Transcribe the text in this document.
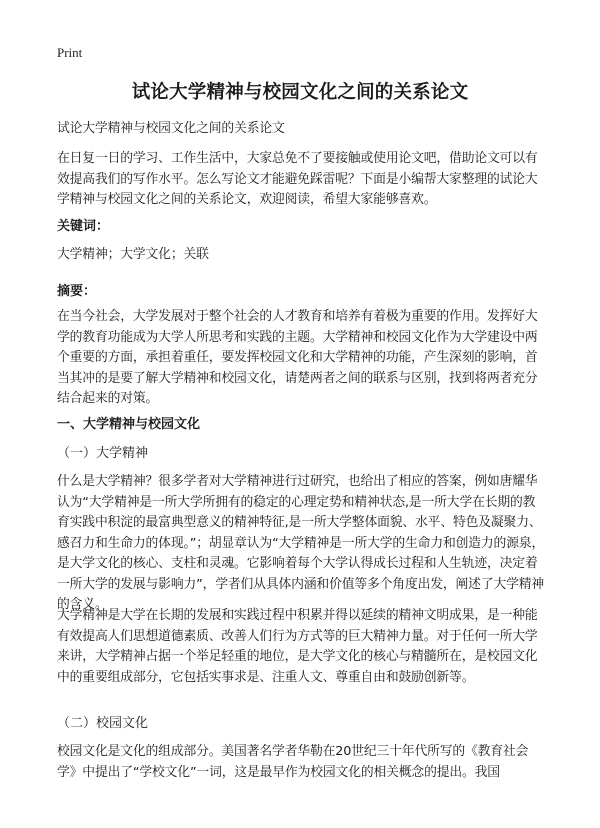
Print
试论大学精神与校园文化之间的关系论文

试论大学精神与校园文化之间的关系论文

在日复一日的学习、工作生活中，大家总免不了要接触或使用论文吧，借助论文可以有效提高我们的写作水平。怎么写论文才能避免踩雷呢？下面是小编帮大家整理的试论大学精神与校园文化之间的关系论文，欢迎阅读，希望大家能够喜欢。

关键词：

大学精神；大学文化；关联

摘要：

在当今社会，大学发展对于整个社会的人才教育和培养有着极为重要的作用。发挥好大学的教育功能成为大学人所思考和实践的主题。大学精神和校园文化作为大学建设中两个重要的方面，承担着重任，要发挥校园文化和大学精神的功能，产生深刻的影响，首当其冲的是要了解大学精神和校园文化，请楚两者之间的联系与区别，找到将两者充分结合起来的对策。

一、大学精神与校园文化

（一）大学精神

什么是大学精神？很多学者对大学精神进行过研究，也给出了相应的答案，例如唐耀华认为“大学精神是一所大学所拥有的稳定的心理定势和精神状态,是一所大学在长期的教育实践中积淀的最富典型意义的精神特征,是一所大学整体面貌、水平、特色及凝聚力、感召力和生命力的体现。”；胡显章认为“大学精神是一所大学的生命力和创造力的源泉，是大学文化的核心、支柱和灵魂。它影响着每个大学认得成长过程和人生轨迹，决定着一所大学的发展与影响力”，学者们从具体内涵和价值等多个角度出发，阐述了大学精神的含义。

大学精神是大学在长期的发展和实践过程中积累并得以延续的精神文明成果，是一种能有效提高人们思想道德素质、改善人们行为方式等的巨大精神力量。对于任何一所大学来讲，大学精神占据一个举足轻重的地位，是大学文化的核心与精髓所在，是校园文化中的重要组成部分，它包括实事求是、注重人文、尊重自由和鼓励创新等。

（二）校园文化

校园文化是文化的组成部分。美国著名学者华勒在20世纪三十年代所写的《教育社会学》中提出了“学校文化”一词，这是最早作为校园文化的相关概念的提出。我国
